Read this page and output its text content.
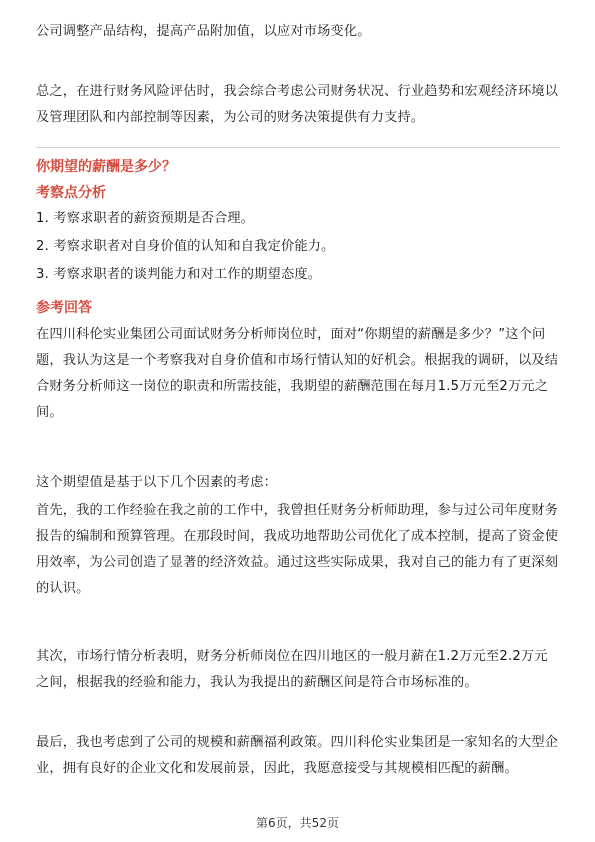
公司调整产品结构，提高产品附加值，以应对市场变化。

总之，在进行财务风险评估时，我会综合考虑公司财务状况、行业趋势和宏观经济环境以及管理团队和内部控制等因素，为公司的财务决策提供有力支持。

你期望的薪酬是多少？

考察点分析

1. 考察求职者的薪资预期是否合理。

2. 考察求职者对自身价值的认知和自我定价能力。

3. 考察求职者的谈判能力和对工作的期望态度。

参考回答

在四川科伦实业集团公司面试财务分析师岗位时，面对“你期望的薪酬是多少？”这个问题，我认为这是一个考察我对自身价值和市场行情认知的好机会。根据我的调研，以及结合财务分析师这一岗位的职责和所需技能，我期望的薪酬范围在每月1.5万元至2万元之间。

这个期望值是基于以下几个因素的考虑：

首先，我的工作经验在我之前的工作中，我曾担任财务分析师助理，参与过公司年度财务报告的编制和预算管理。在那段时间，我成功地帮助公司优化了成本控制，提高了资金使用效率，为公司创造了显著的经济效益。通过这些实际成果，我对自己的能力有了更深刻的认识。

其次，市场行情分析表明，财务分析师岗位在四川地区的一般月薪在1.2万元至2.2万元之间，根据我的经验和能力，我认为我提出的薪酬区间是符合市场标准的。

最后，我也考虑到了公司的规模和薪酬福利政策。四川科伦实业集团是一家知名的大型企业，拥有良好的企业文化和发展前景，因此，我愿意接受与其规模相匹配的薪酬。

第6页，共52页
